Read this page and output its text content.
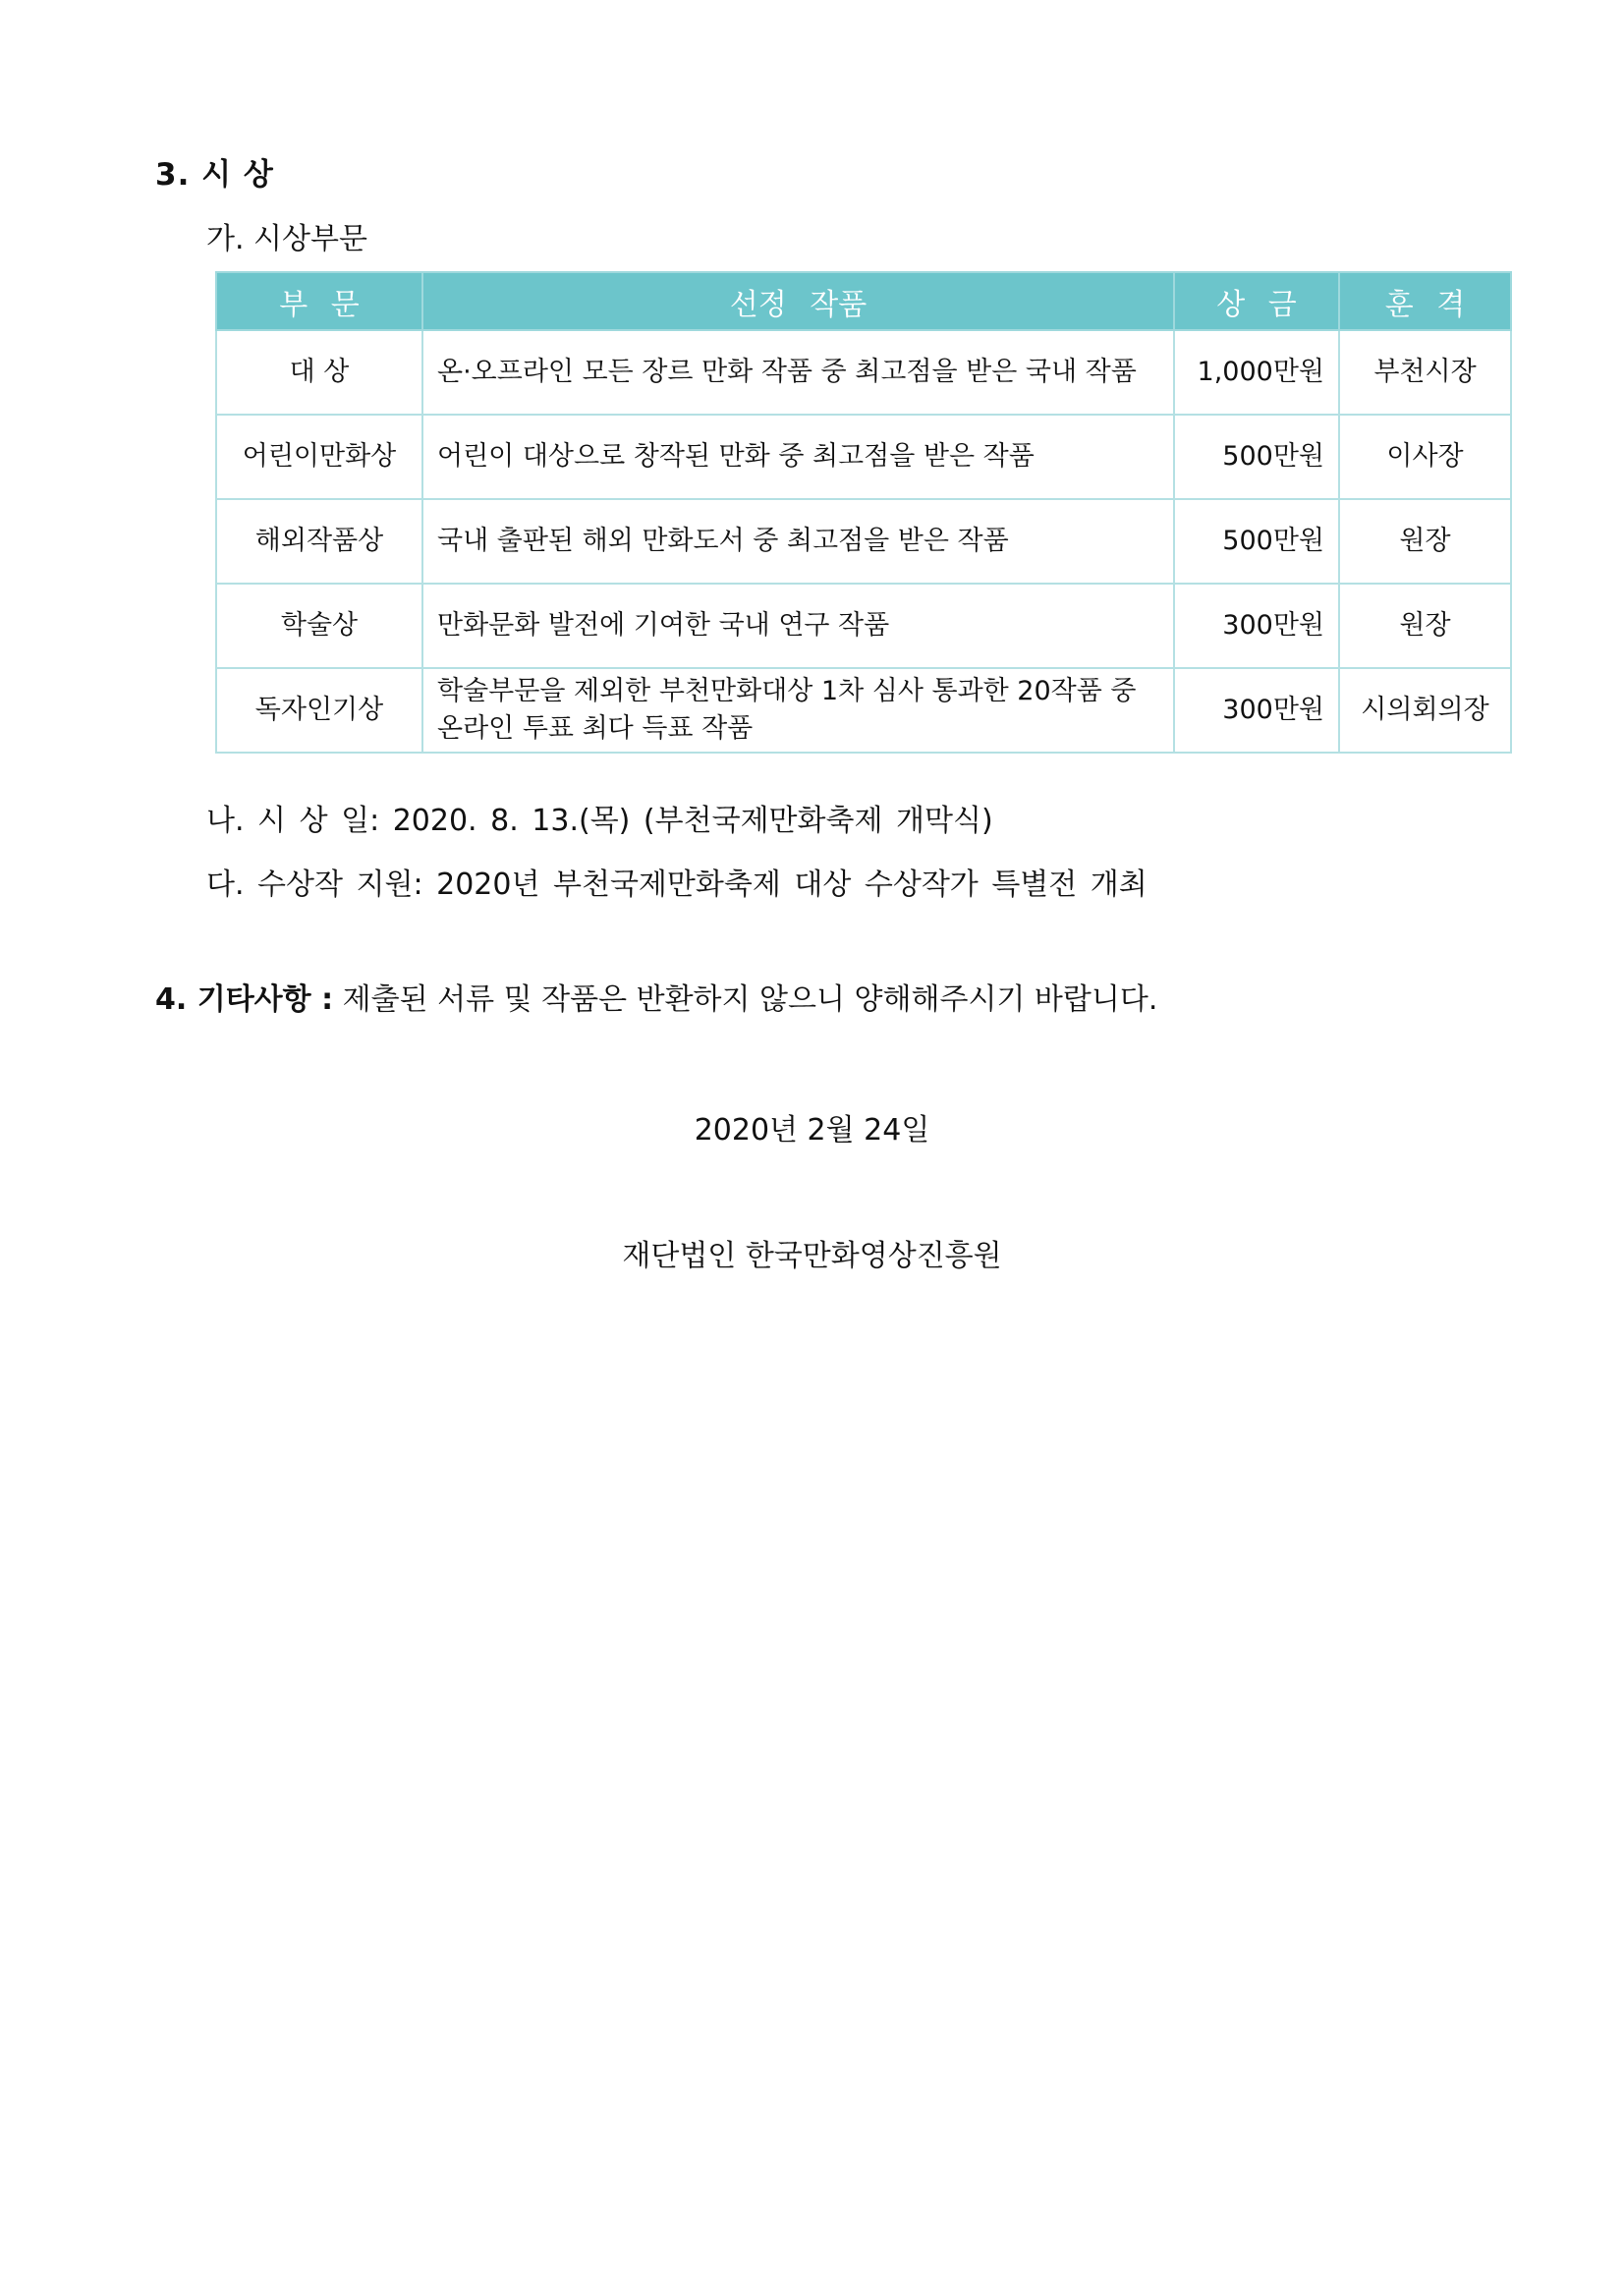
3. 시 상
가. 시상부문
부 문	선정 작품	상 금	훈 격
대 상	온·오프라인 모든 장르 만화 작품 중 최고점을 받은 국내 작품	1,000만원	부천시장
어린이만화상	어린이 대상으로 창작된 만화 중 최고점을 받은 작품	500만원	이사장
해외작품상	국내 출판된 해외 만화도서 중 최고점을 받은 작품	500만원	원장
학술상	만화문화 발전에 기여한 국내 연구 작품	300만원	원장
독자인기상	학술부문을 제외한 부천만화대상 1차 심사 통과한 20작품 중 온라인 투표 최다 득표 작품	300만원	시의회의장
나. 시 상 일: 2020. 8. 13.(목) (부천국제만화축제 개막식)
다. 수상작 지원: 2020년 부천국제만화축제 대상 수상작가 특별전 개최
4. 기타사항 : 제출된 서류 및 작품은 반환하지 않으니 양해해주시기 바랍니다.
2020년 2월 24일
재단법인 한국만화영상진흥원
